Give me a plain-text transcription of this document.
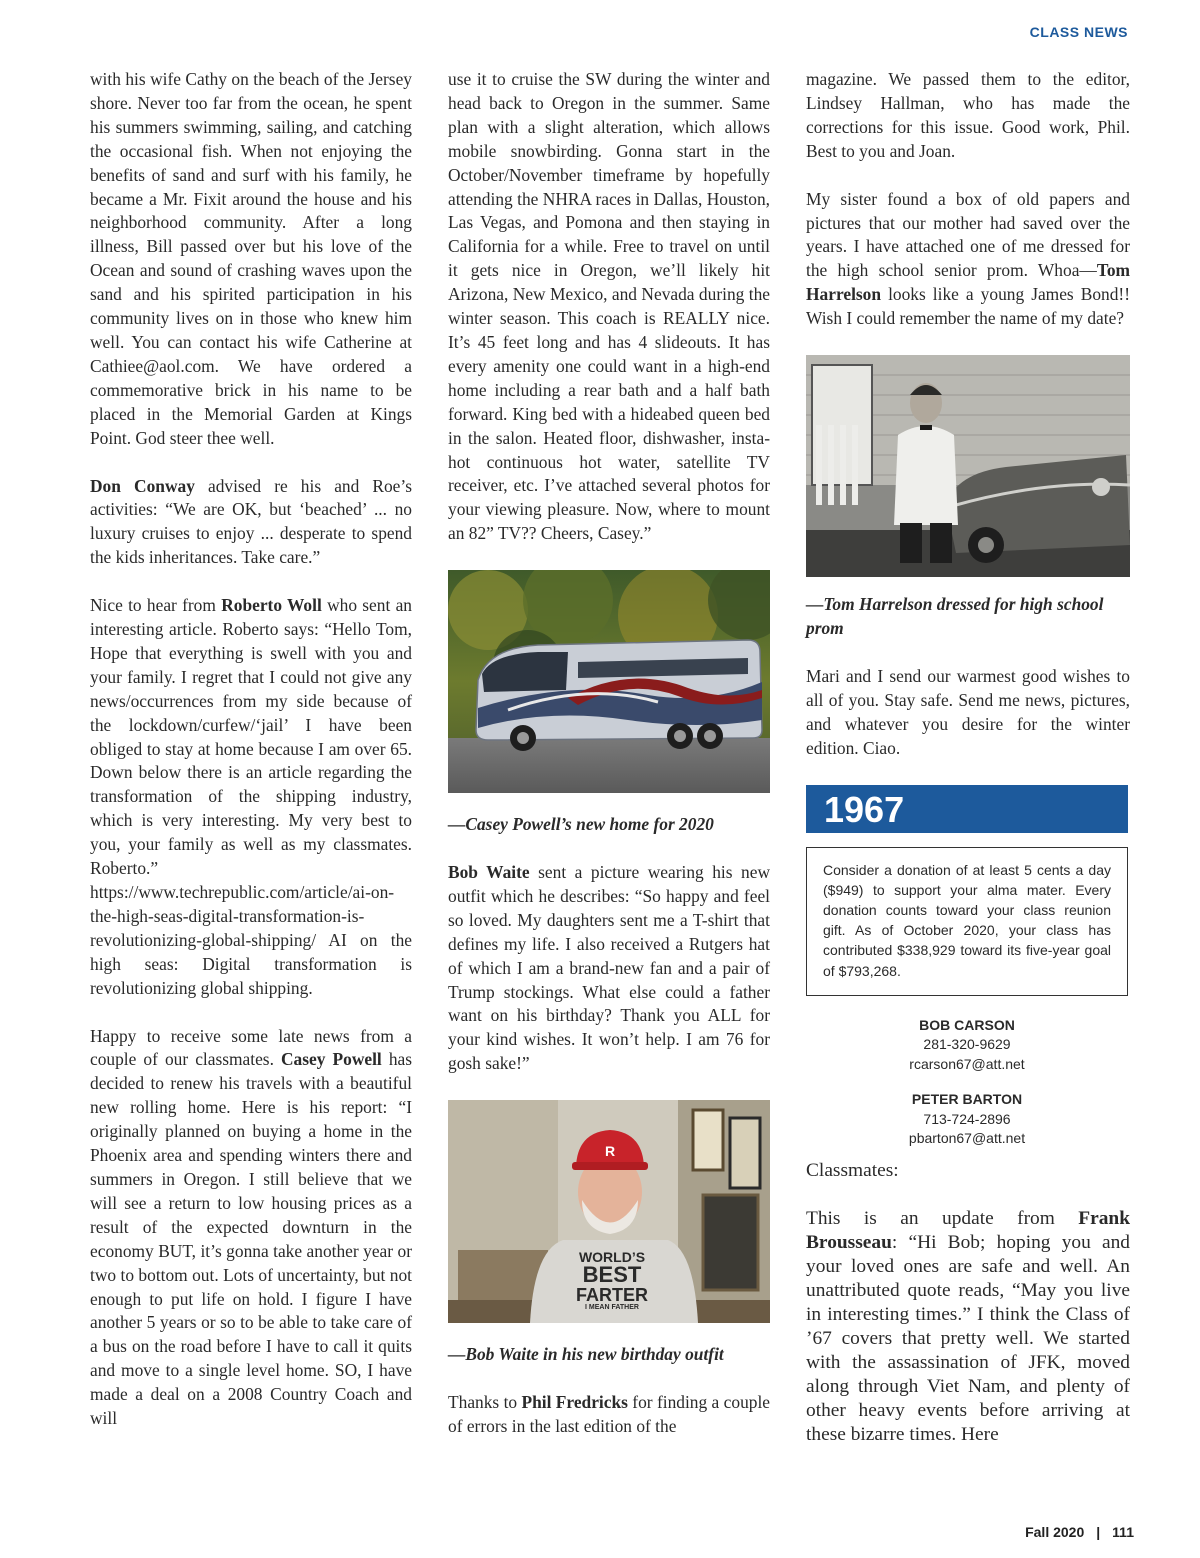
CLASS NEWS

with his wife Cathy on the beach of the Jersey shore. Never too far from the ocean, he spent his summers swimming, sailing, and catching the occasional fish. When not enjoying the benefits of sand and surf with his family, he became a Mr. Fixit around the house and his neighborhood community. After a long illness, Bill passed over but his love of the Ocean and sound of crashing waves upon the sand and his spirited participation in his community lives on in those who knew him well. You can contact his wife Catherine at Cathiee@aol.com. We have ordered a commemorative brick in his name to be placed in the Memorial Garden at Kings Point. God steer thee well.

Don Conway advised re his and Roe’s activities: “We are OK, but ‘beached’ ... no luxury cruises to enjoy ... desperate to spend the kids inheritances. Take care.”

Nice to hear from Roberto Woll who sent an interesting article. Roberto says: “Hello Tom, Hope that everything is swell with you and your family. I regret that I could not give any news/occurrences from my side because of the lockdown/curfew/‘jail’ I have been obliged to stay at home because I am over 65. Down below there is an article regarding the transformation of the shipping industry, which is very interesting. My very best to you, your family as well as my classmates. Roberto.” https://www.techrepublic.com/article/ai-on-the-high-seas-digital-transformation-is-revolutionizing-global-shipping/ AI on the high seas: Digital transformation is revolutionizing global shipping.

Happy to receive some late news from a couple of our classmates. Casey Powell has decided to renew his travels with a beautiful new rolling home. Here is his report: “I originally planned on buying a home in the Phoenix area and spending winters there and summers in Oregon. I still believe that we will see a return to low housing prices as a result of the expected downturn in the economy BUT, it’s gonna take another year or two to bottom out. Lots of uncertainty, but not enough to put life on hold. I figure I have another 5 years or so to be able to take care of a bus on the road before I have to call it quits and move to a single level home. SO, I have made a deal on a 2008 Country Coach and will

use it to cruise the SW during the winter and head back to Oregon in the summer. Same plan with a slight alteration, which allows mobile snowbirding. Gonna start in the October/November timeframe by hopefully attending the NHRA races in Dallas, Houston, Las Vegas, and Pomona and then staying in California for a while. Free to travel on until it gets nice in Oregon, we’ll likely hit Arizona, New Mexico, and Nevada during the winter season. This coach is REALLY nice. It’s 45 feet long and has 4 slideouts. It has every amenity one could want in a high-end home including a rear bath and a half bath forward. King bed with a hideabed queen bed in the salon. Heated floor, dishwasher, insta-hot continuous hot water, satellite TV receiver, etc. I’ve attached several photos for your viewing pleasure. Now, where to mount an 82” TV?? Cheers, Casey.”

—Casey Powell’s new home for 2020

Bob Waite sent a picture wearing his new outfit which he describes: “So happy and feel so loved. My daughters sent me a T-shirt that defines my life. I also received a Rutgers hat of which I am a brand-new fan and a pair of Trump stockings. What else could a father want on his birthday? Thank you ALL for your kind wishes. It won’t help. I am 76 for gosh sake!”

R
WORLD’S
BEST
FARTER
I MEAN FATHER

—Bob Waite in his new birthday outfit

Thanks to Phil Fredricks for finding a couple of errors in the last edition of the

magazine. We passed them to the editor, Lindsey Hallman, who has made the corrections for this issue. Good work, Phil. Best to you and Joan.

My sister found a box of old papers and pictures that our mother had saved over the years. I have attached one of me dressed for the high school senior prom. Whoa—Tom Harrelson looks like a young James Bond!! Wish I could remember the name of my date?

—Tom Harrelson dressed for high school prom

Mari and I send our warmest good wishes to all of you. Stay safe. Send me news, pictures, and whatever you desire for the winter edition. Ciao.

1967
Consider a donation of at least 5 cents a day ($949) to support your alma mater. Every donation counts toward your class reunion gift. As of October 2020, your class has contributed $338,929 toward its five-year goal of $793,268.
BOB CARSON
281-320-9629
rcarson67@att.net
PETER BARTON
713-724-2896
pbarton67@att.net

Classmates:

This is an update from Frank Brousseau: “Hi Bob; hoping you and your loved ones are safe and well. An unattributed quote reads, “May you live in interesting times.” I think the Class of ’67 covers that pretty well. We started with the assassination of JFK, moved along through Viet Nam, and plenty of other heavy events before arriving at these bizarre times. Here

Fall 2020 | 111
